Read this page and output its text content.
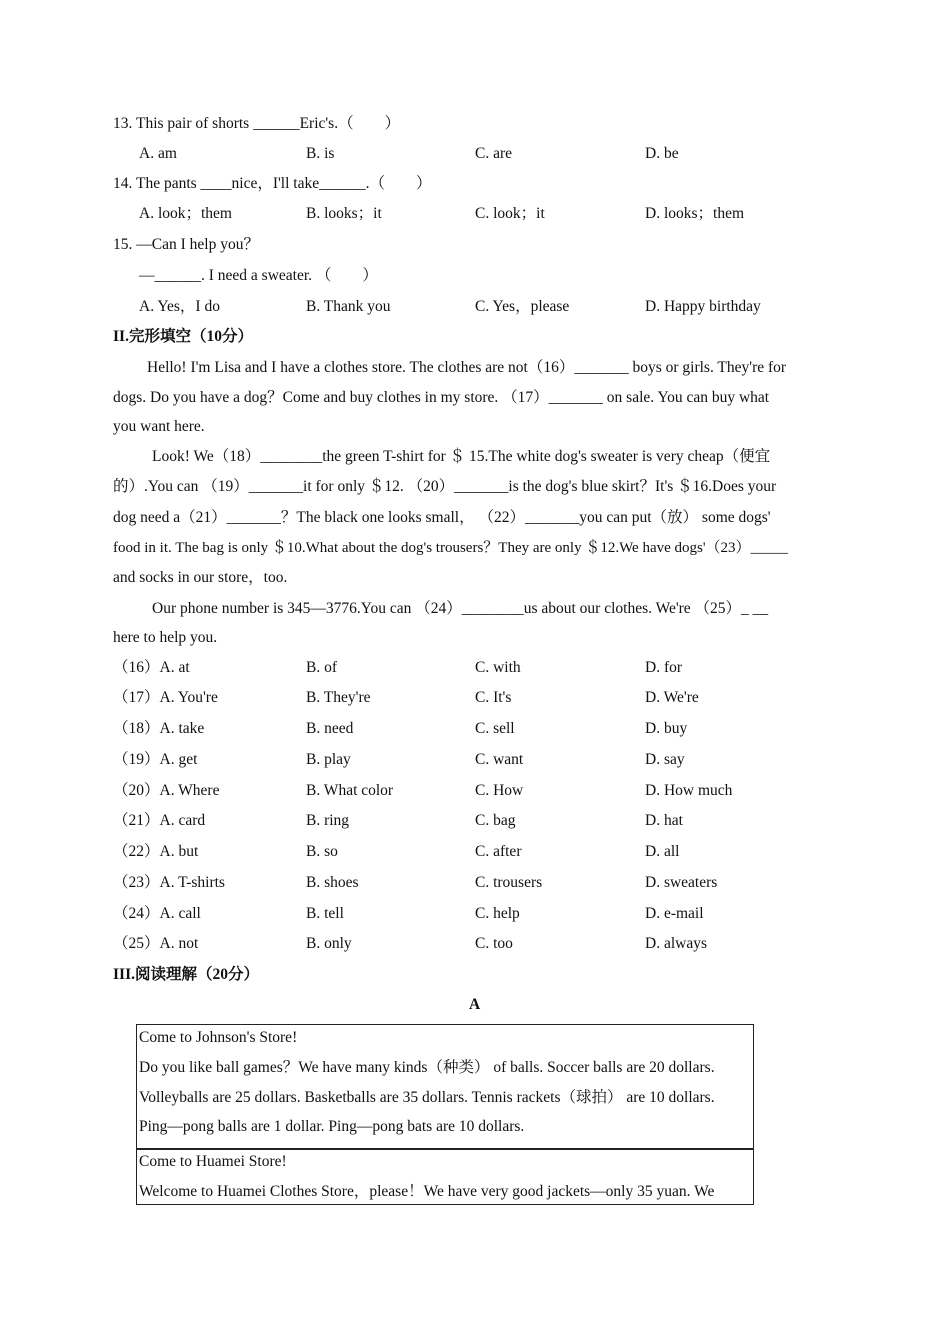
13. This pair of shorts ______Eric's.（　　）
A. am	B. is	C. are	D. be
14. The pants ____nice，I'll take______.（　　）
A. look；them	B. looks；it	C. look；it	D. looks；them
15. —Can I help you？
—______. I need a sweater. （　　）
A. Yes，I do	B. Thank you	C. Yes，please	D. Happy birthday
II.完形填空（10分）
Hello! I'm Lisa and I have a clothes store. The clothes are not（16）_______ boys or girls. They're for
dogs. Do you have a dog？Come and buy clothes in my store. （17）_______ on sale. You can buy what
you want here.
Look! We（18）________the green T-shirt for ＄ 15.The white dog's sweater is very cheap（便宜
的）.You can （19）_______it for only ＄12. （20）_______is the dog's blue skirt？It's ＄16.Does your
dog need a（21）_______？The black one looks small， （22）_______you can put（放） some dogs'
food in it. The bag is only ＄10.What about the dog's trousers？They are only ＄12.We have dogs'（23）_____
and socks in our store，too.
Our phone number is 345—3776.You can （24）________us about our clothes. We're （25）_ __
here to help you.
（16）A. at	B. of	C. with	D. for
（17）A. You're	B. They're	C. It's	D. We're
（18）A. take	B. need	C. sell	D. buy
（19）A. get	B. play	C. want	D. say
（20）A. Where	B. What color	C. How	D. How much
（21）A. card	B. ring	C. bag	D. hat
（22）A. but	B. so	C. after	D. all
（23）A. T-shirts	B. shoes	C. trousers	D. sweaters
（24）A. call	B. tell	C. help	D. e-mail
（25）A. not	B. only	C. too	D. always
III.阅读理解（20分）
A
Come to Johnson's Store!
Do you like ball games？We have many kinds（种类） of balls. Soccer balls are 20 dollars.
Volleyballs are 25 dollars. Basketballs are 35 dollars. Tennis rackets（球拍） are 10 dollars.
Ping—pong balls are 1 dollar. Ping—pong bats are 10 dollars.
Come to Huamei Store!
Welcome to Huamei Clothes Store，please！We have very good jackets—only 35 yuan. We
